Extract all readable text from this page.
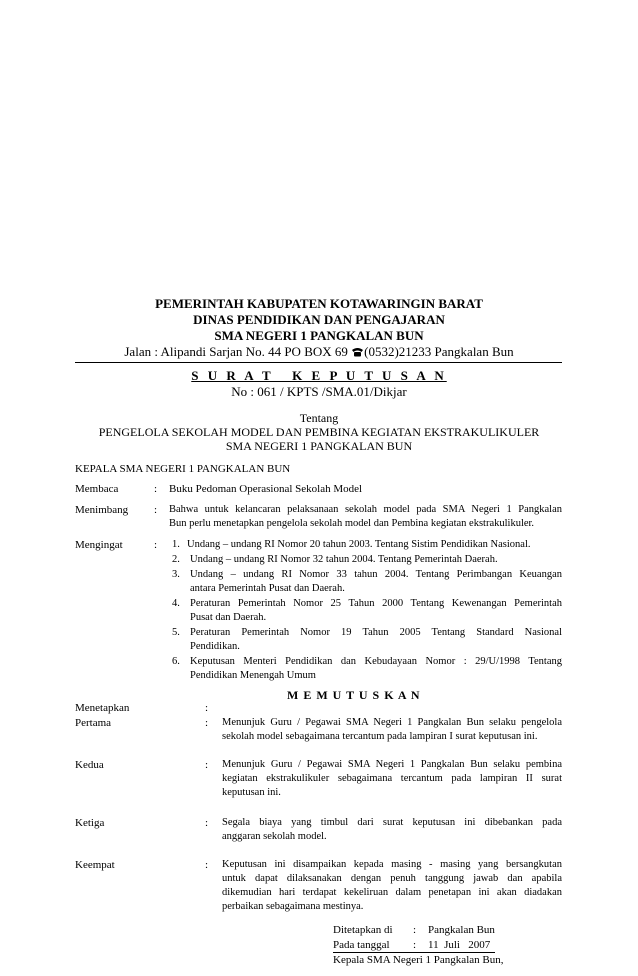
PEMERINTAH KABUPATEN KOTAWARINGIN BARAT
DINAS PENDIDIKAN DAN PENGAJARAN
SMA NEGERI 1 PANGKALAN BUN
Jalan : Alipandi Sarjan No. 44 PO BOX 69 (0532)21233 Pangkalan Bun
S U R A T   K E P U T U S A N
No : 061 / KPTS /SMA.01/Dikjar
Tentang
PENGELOLA SEKOLAH MODEL DAN PEMBINA KEGIATAN EKSTRAKULIKULER
SMA NEGERI 1 PANGKALAN BUN
KEPALA SMA NEGERI 1 PANGKALAN BUN
Membaca	: Buku Pedoman Operasional Sekolah Model
Menimbang : Bahwa untuk kelancaran pelaksanaan sekolah model pada SMA Negeri 1 Pangkalan
Bun perlu menetapkan pengelola sekolah model dan Pembina kegiatan ekstrakulikuler.
Mengingat	: 1. Undang – undang RI Nomor 20 tahun 2003. Tentang Sistim Pendidikan Nasional.
2. Undang – undang RI Nomor 32 tahun 2004. Tentang Pemerintah Daerah.
3. Undang – undang RI Nomor 33 tahun 2004. Tentang Perimbangan Keuangan
antara Pemerintah Pusat dan Daerah.
4. Peraturan Pemerintah Nomor 25 Tahun 2000 Tentang Kewenangan Pemerintah
Pusat dan Daerah.
5. Peraturan Pemerintah Nomor 19 Tahun 2005 Tentang Standard Nasional
Pendidikan.
6. Keputusan Menteri Pendidikan dan Kebudayaan Nomor : 29/U/1998 Tentang
Pendidikan Menengah Umum
M E M U T U S K A N
Menetapkan	:
Pertama	: Menunjuk Guru / Pegawai SMA Negeri 1 Pangkalan Bun selaku pengelola
sekolah model sebagaimana tercantum pada lampiran I surat keputusan ini.
Kedua	: Menunjuk Guru / Pegawai SMA Negeri 1 Pangkalan Bun selaku pembina
kegiatan ekstrakulikuler sebagaimana tercantum pada lampiran II surat
keputusan ini.
Ketiga	: Segala biaya yang timbul dari surat keputusan ini dibebankan pada
anggaran sekolah model.
Keempat	: Keputusan ini disampaikan kepada masing - masing yang bersangkutan
untuk dapat dilaksanakan dengan penuh tanggung jawab dan apabila
dikemudian hari terdapat kekeliruan dalam penetapan ini akan diadakan
perbaikan sebagaimana mestinya.
Ditetapkan di : Pangkalan Bun
Pada tanggal : 11  Juli   2007
Kepala SMA Negeri 1 Pangkalan Bun,
